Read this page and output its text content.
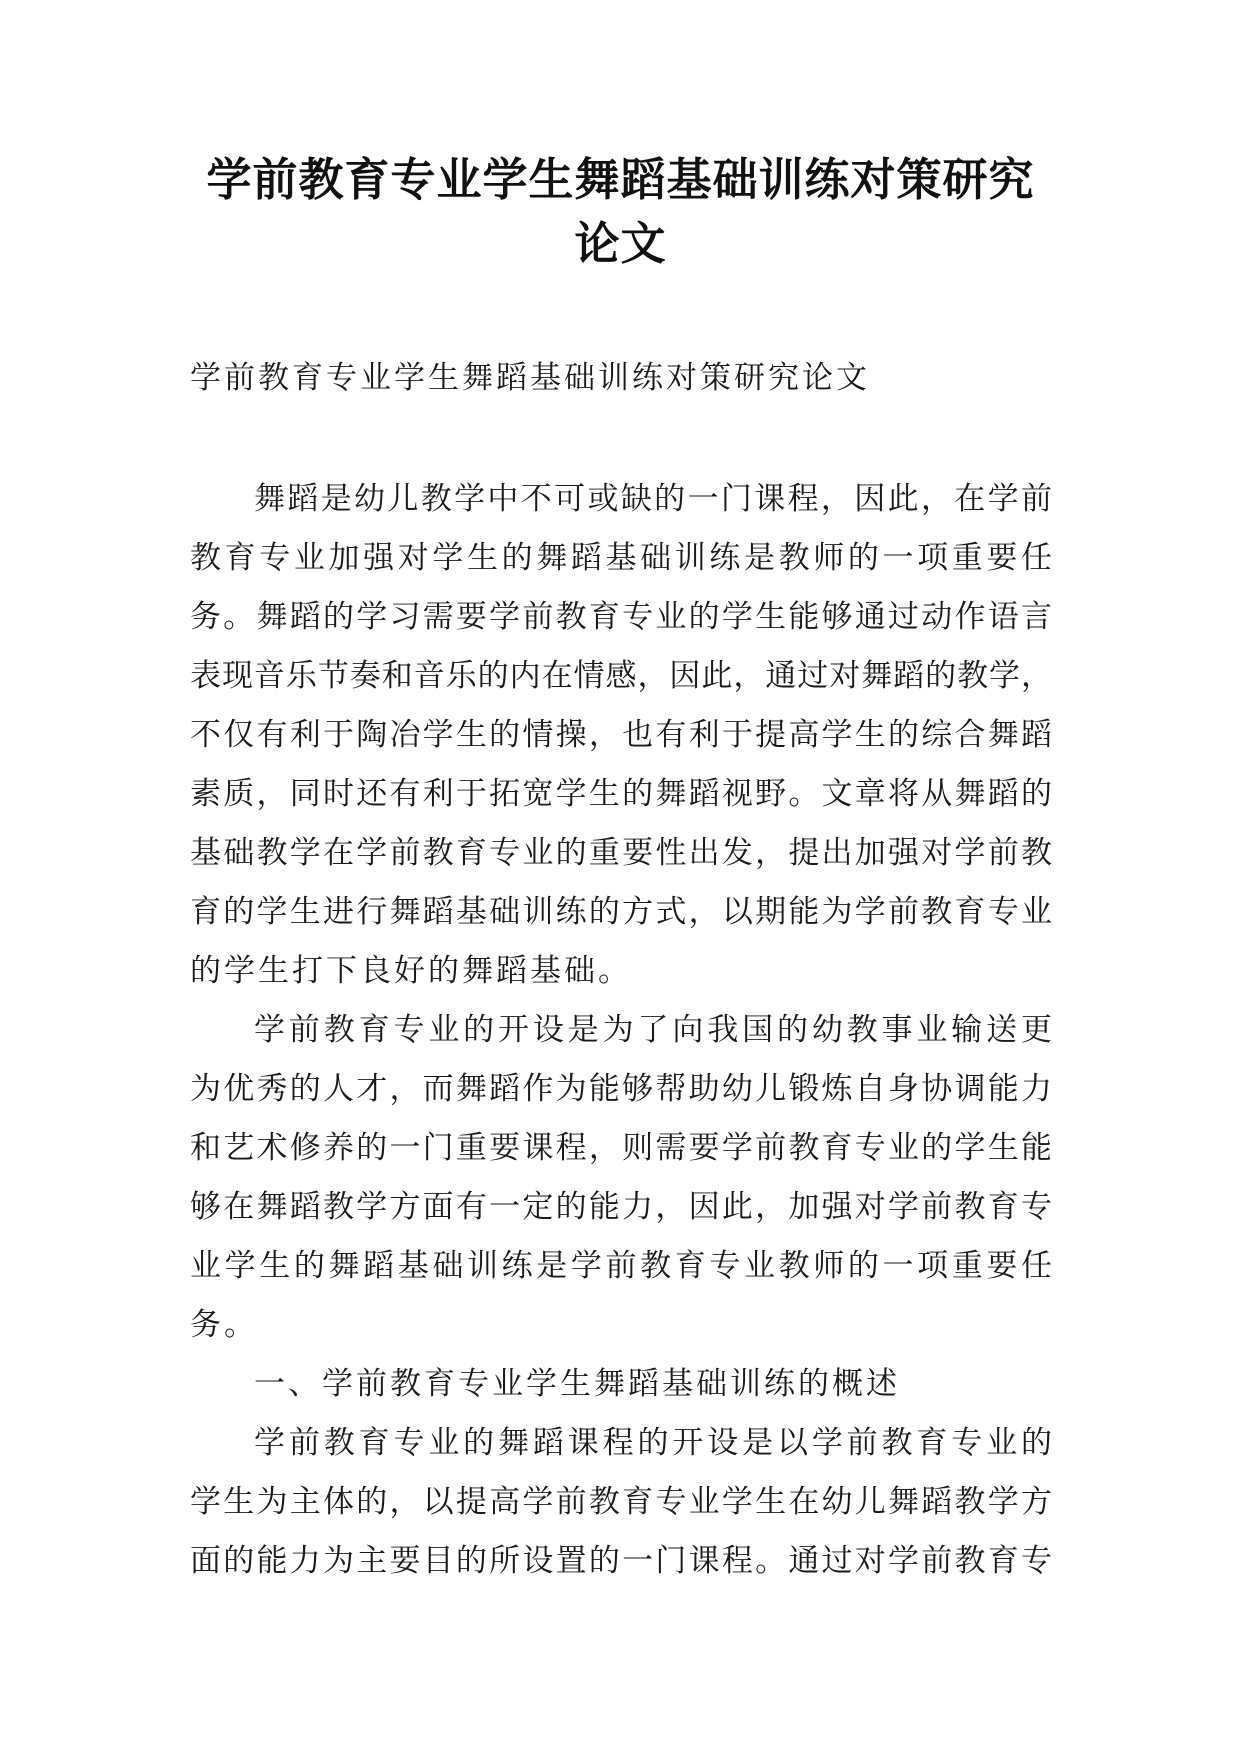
学前教育专业学生舞蹈基础训练对策研究
论文

学前教育专业学生舞蹈基础训练对策研究论文

舞蹈是幼儿教学中不可或缺的一门课程，因此，在学前
教育专业加强对学生的舞蹈基础训练是教师的一项重要任
务。舞蹈的学习需要学前教育专业的学生能够通过动作语言
表现音乐节奏和音乐的内在情感，因此，通过对舞蹈的教学，
不仅有利于陶冶学生的情操，也有利于提高学生的综合舞蹈
素质，同时还有利于拓宽学生的舞蹈视野。文章将从舞蹈的
基础教学在学前教育专业的重要性出发，提出加强对学前教
育的学生进行舞蹈基础训练的方式，以期能为学前教育专业
的学生打下良好的舞蹈基础。
学前教育专业的开设是为了向我国的幼教事业输送更
为优秀的人才，而舞蹈作为能够帮助幼儿锻炼自身协调能力
和艺术修养的一门重要课程，则需要学前教育专业的学生能
够在舞蹈教学方面有一定的能力，因此，加强对学前教育专
业学生的舞蹈基础训练是学前教育专业教师的一项重要任
务。
一、学前教育专业学生舞蹈基础训练的概述
学前教育专业的舞蹈课程的开设是以学前教育专业的
学生为主体的，以提高学前教育专业学生在幼儿舞蹈教学方
面的能力为主要目的所设置的一门课程。通过对学前教育专
